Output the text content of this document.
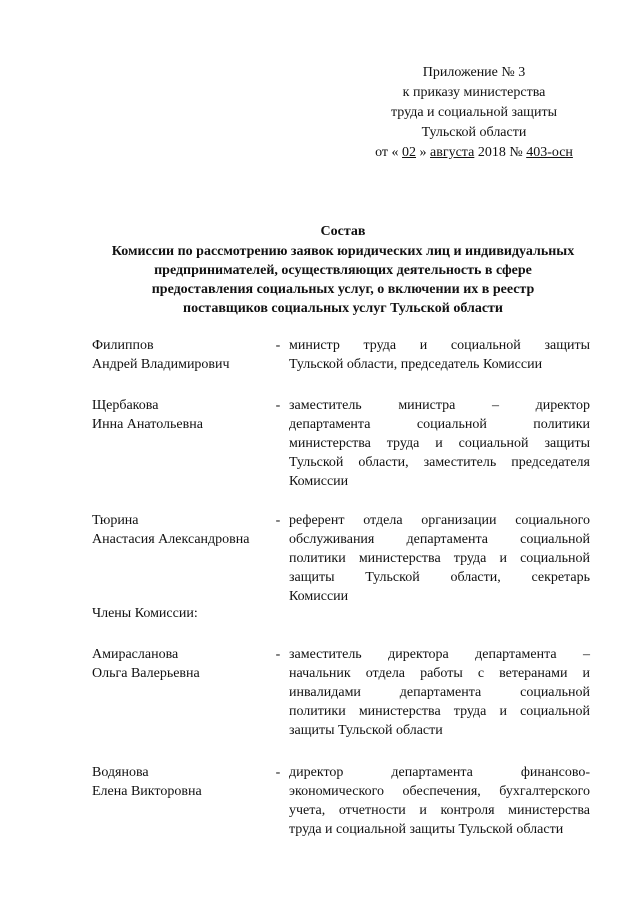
Приложение № 3
к приказу министерства
труда и социальной защиты
Тульской области
от « 02 » августа 2018 № 403-осн
Состав
Комиссии по рассмотрению заявок юридических лиц и индивидуальных
предпринимателей, осуществляющих деятельность в сфере
предоставления социальных услуг, о включении их в реестр
поставщиков социальных услуг Тульской области
Филиппов
Андрей Владимирович
- министр труда и социальной защиты
Тульской области, председатель Комиссии
Щербакова
Инна Анатольевна
- заместитель министра – директор
департамента социальной политики
министерства труда и социальной защиты
Тульской области, заместитель председателя
Комиссии
Тюрина
Анастасия Александровна
- референт отдела организации социального
обслуживания департамента социальной
политики министерства труда и социальной
защиты Тульской области, секретарь
Комиссии
Члены Комиссии:
Амирасланова
Ольга Валерьевна
- заместитель директора департамента –
начальник отдела работы с ветеранами и
инвалидами департамента социальной
политики министерства труда и социальной
защиты Тульской области
Водянова
Елена Викторовна
- директор департамента финансово-
экономического обеспечения, бухгалтерского
учета, отчетности и контроля министерства
труда и социальной защиты Тульской области
